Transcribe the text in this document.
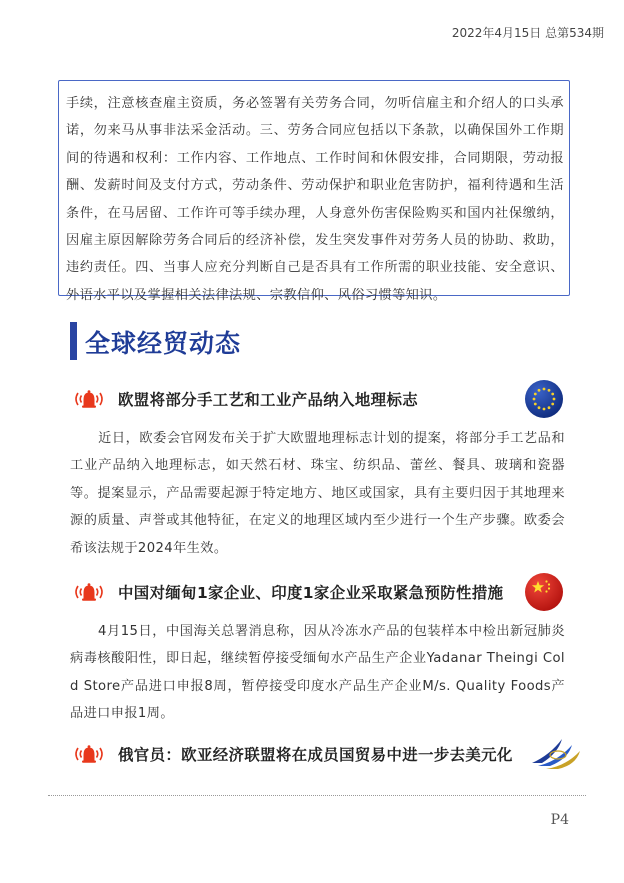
2022年4月15日 总第534期
手续，注意核查雇主资质，务必签署有关劳务合同，勿听信雇主和介绍人的口头承诺，勿来马从事非法采金活动。三、劳务合同应包括以下条款，以确保国外工作期间的待遇和权利：工作内容、工作地点、工作时间和休假安排，合同期限，劳动报酬、发薪时间及支付方式，劳动条件、劳动保护和职业危害防护，福利待遇和生活条件，在马居留、工作许可等手续办理，人身意外伤害保险购买和国内社保缴纳，因雇主原因解除劳务合同后的经济补偿，发生突发事件对劳务人员的协助、救助，违约责任。四、当事人应充分判断自己是否具有工作所需的职业技能、安全意识、外语水平以及掌握相关法律法规、宗教信仰、风俗习惯等知识。
全球经贸动态
欧盟将部分手工艺和工业产品纳入地理标志
近日，欧委会官网发布关于扩大欧盟地理标志计划的提案，将部分手工艺品和工业产品纳入地理标志，如天然石材、珠宝、纺织品、蕾丝、餐具、玻璃和瓷器等。提案显示，产品需要起源于特定地方、地区或国家，具有主要归因于其地理来源的质量、声誉或其他特征，在定义的地理区域内至少进行一个生产步骤。欧委会希该法规于2024年生效。
中国对缅甸1家企业、印度1家企业采取紧急预防性措施
4月15日，中国海关总署消息称，因从冷冻水产品的包装样本中检出新冠肺炎病毒核酸阳性，即日起，继续暂停接受缅甸水产品生产企业Yadanar Theingi Cold Store产品进口申报8周，暂停接受印度水产品生产企业M/s. Quality Foods产品进口申报1周。
俄官员：欧亚经济联盟将在成员国贸易中进一步去美元化
P4
